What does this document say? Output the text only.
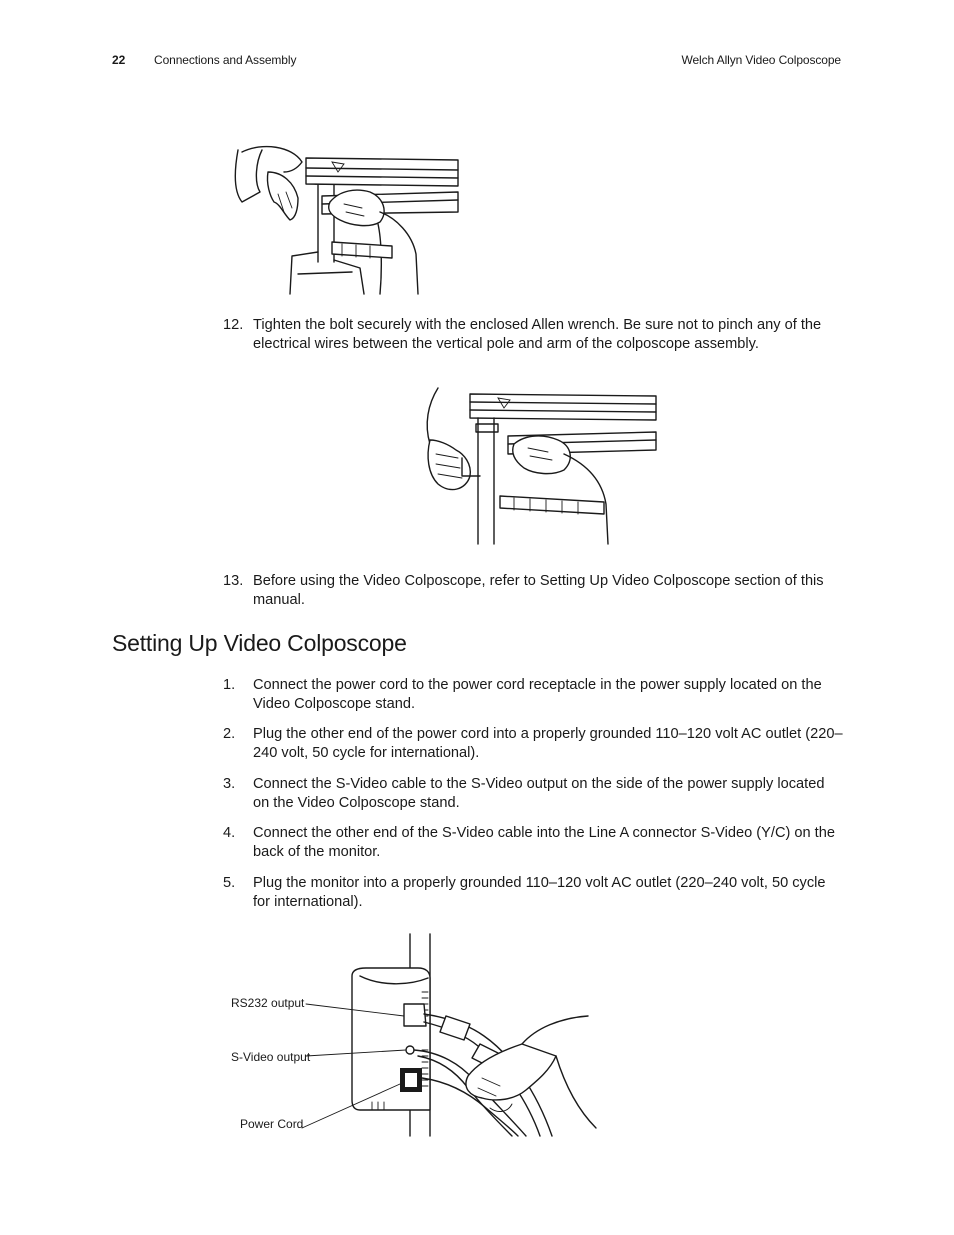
22 Connections and Assembly	Welch Allyn Video Colposcope
12. Tighten the bolt securely with the enclosed Allen wrench. Be sure not to pinch any of the electrical wires between the vertical pole and arm of the colposcope assembly.
13. Before using the Video Colposcope, refer to Setting Up Video Colposcope section of this manual.
Setting Up Video Colposcope
1. Connect the power cord to the power cord receptacle in the power supply located on the Video Colposcope stand.
2. Plug the other end of the power cord into a properly grounded 110–120 volt AC outlet (220–240 volt, 50 cycle for international).
3. Connect the S-Video cable to the S-Video output on the side of the power supply located on the Video Colposcope stand.
4. Connect the other end of the S-Video cable into the Line A connector S-Video (Y/C) on the back of the monitor.
5. Plug the monitor into a properly grounded 110–120 volt AC outlet (220–240 volt, 50 cycle for international).
RS232 output
S-Video output
Power Cord
